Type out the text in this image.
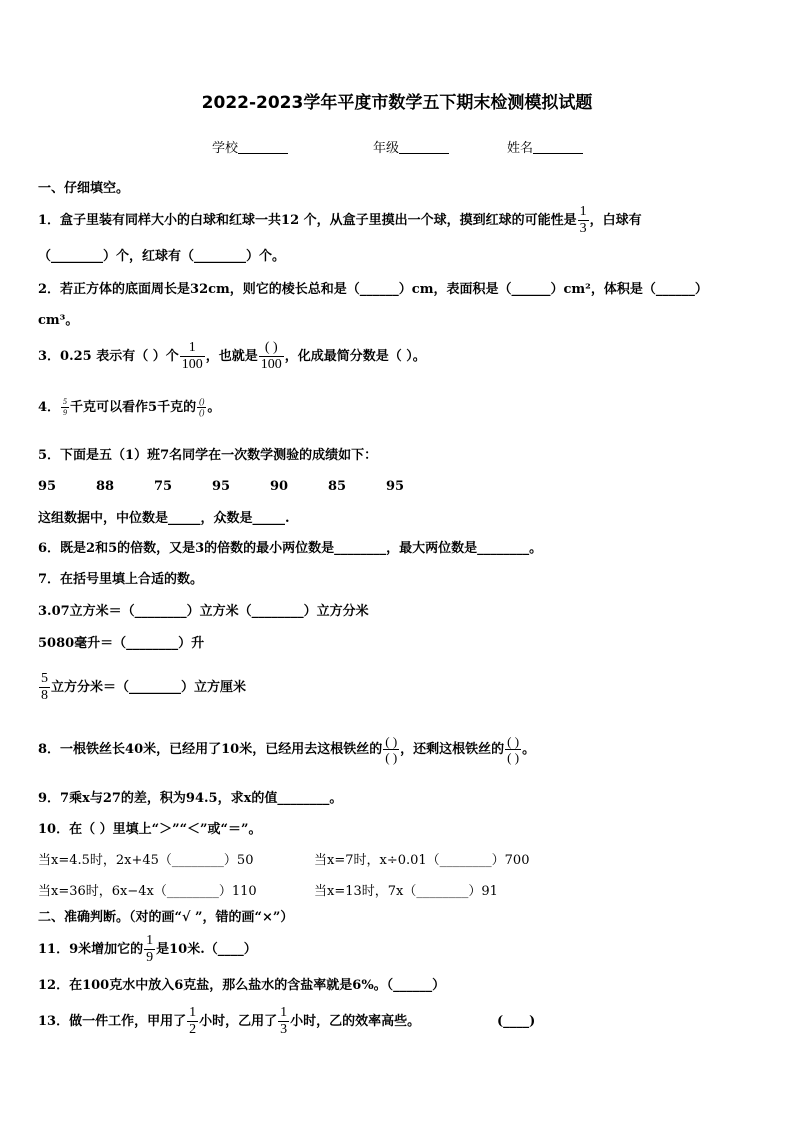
2022-2023学年平度市数学五下期末检测模拟试题
学校	年级	姓名
一、仔细填空。
1．盒子里装有同样大小的白球和红球一共12 个，从盒子里摸出一个球，摸到红球的可能性是 $\frac{1}{3}$ ，白球有
（________）个，红球有（________）个。
2．若正方体的底面周长是32cm，则它的棱长总和是（______）cm，表面积是（______）cm²，体积是（______）
cm³。
3．0.25 表示有（ ）个 $\frac{1}{100}$ ，也就是 $\frac{( )}{100}$ ，化成最简分数是（ ）。
4． $\frac{5}{9}$ 千克可以看作5千克的 $\frac{()}{()}$ 。
5．下面是五（1）班7名同学在一次数学测验的成绩如下：
95	88	75	95	90	85	95
这组数据中，中位数是_____，众数是_____.
6．既是2和5的倍数，又是3的倍数的最小两位数是________，最大两位数是________。
7．在括号里填上合适的数。
3.07立方米＝（________）立方米（________）立方分米
5080毫升＝（________）升
$\frac{5}{8}$ 立方分米＝（________）立方厘米
8．一根铁丝长40米，已经用了10米，已经用去这根铁丝的 $\frac{( )}{( )}$ ，还剩这根铁丝的 $\frac{( )}{( )}$ 。
9．7乘x与27的差，积为94.5，求x的值________。
10．在（ ）里填上“＞”“＜”或“＝”。
当x=4.5时，2x+45（________）50	当x=7时，x÷0.01（________）700
当x=36时，6x−4x（________）110	当x=13时，7x（________）91
二、准确判断。（对的画“√ ”，错的画“×”）
11．9米增加它的 $\frac{1}{9}$ 是10米.（____）
12．在100克水中放入6克盐，那么盐水的含盐率就是6%。（______）
13．做一件工作，甲用了 $\frac{1}{2}$ 小时，乙用了 $\frac{1}{3}$ 小时，乙的效率高些。	(____)
